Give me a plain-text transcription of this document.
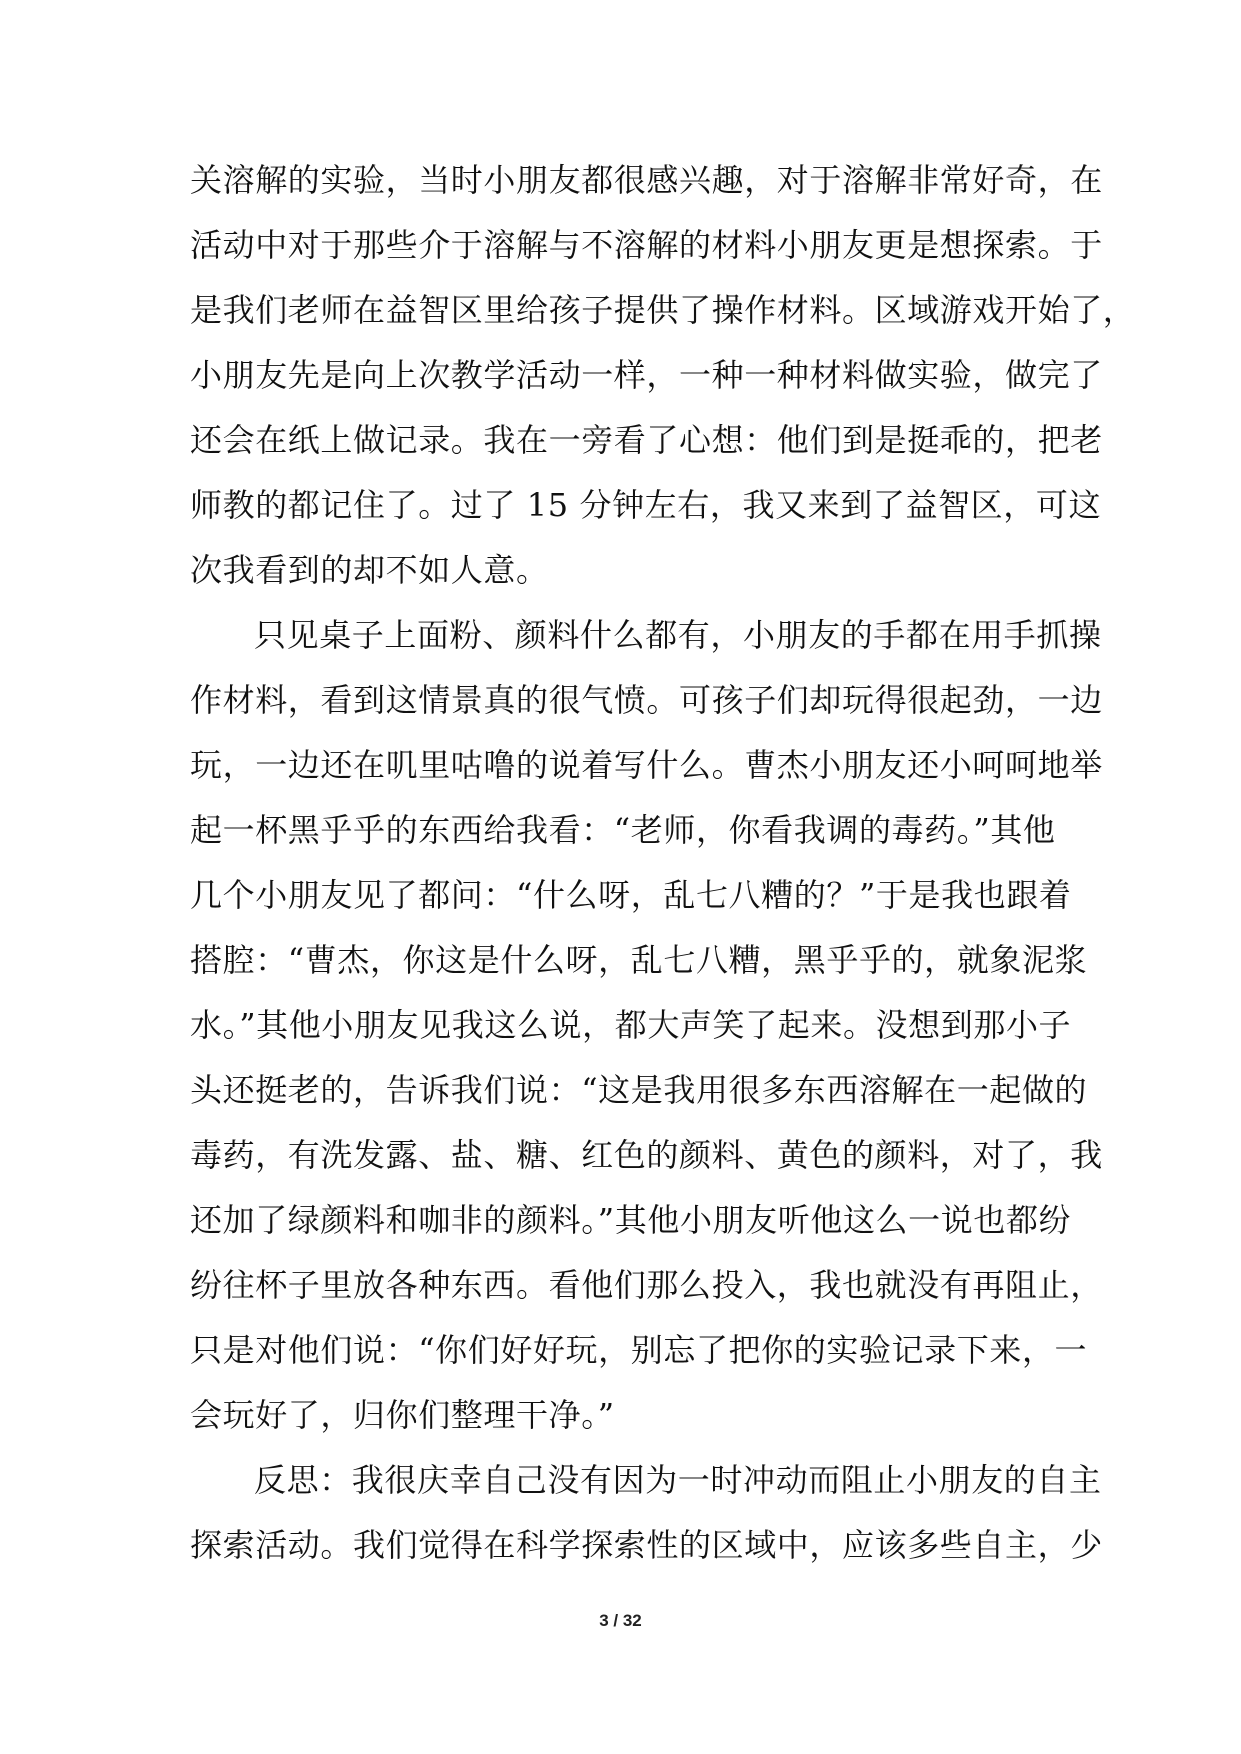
关溶解的实验，当时小朋友都很感兴趣，对于溶解非常好奇，在
活动中对于那些介于溶解与不溶解的材料小朋友更是想探索。于
是我们老师在益智区里给孩子提供了操作材料。区域游戏开始了，
小朋友先是向上次教学活动一样，一种一种材料做实验，做完了
还会在纸上做记录。我在一旁看了心想：他们到是挺乖的，把老
师教的都记住了。过了 15 分钟左右，我又来到了益智区，可这
次我看到的却不如人意。
只见桌子上面粉、颜料什么都有，小朋友的手都在用手抓操
作材料，看到这情景真的很气愤。可孩子们却玩得很起劲，一边
玩，一边还在叽里咕噜的说着写什么。曹杰小朋友还小呵呵地举
起一杯黑乎乎的东西给我看：“老师，你看我调的毒药。”其他
几个小朋友见了都问：“什么呀，乱七八糟的？”于是我也跟着
搭腔：“曹杰，你这是什么呀，乱七八糟，黑乎乎的，就象泥浆
水。”其他小朋友见我这么说，都大声笑了起来。没想到那小子
头还挺老的，告诉我们说：“这是我用很多东西溶解在一起做的
毒药，有洗发露、盐、糖、红色的颜料、黄色的颜料，对了，我
还加了绿颜料和咖非的颜料。”其他小朋友听他这么一说也都纷
纷往杯子里放各种东西。看他们那么投入，我也就没有再阻止，
只是对他们说：“你们好好玩，别忘了把你的实验记录下来，一
会玩好了，归你们整理干净。”
反思：我很庆幸自己没有因为一时冲动而阻止小朋友的自主
探索活动。我们觉得在科学探索性的区域中，应该多些自主，少
3 / 32
